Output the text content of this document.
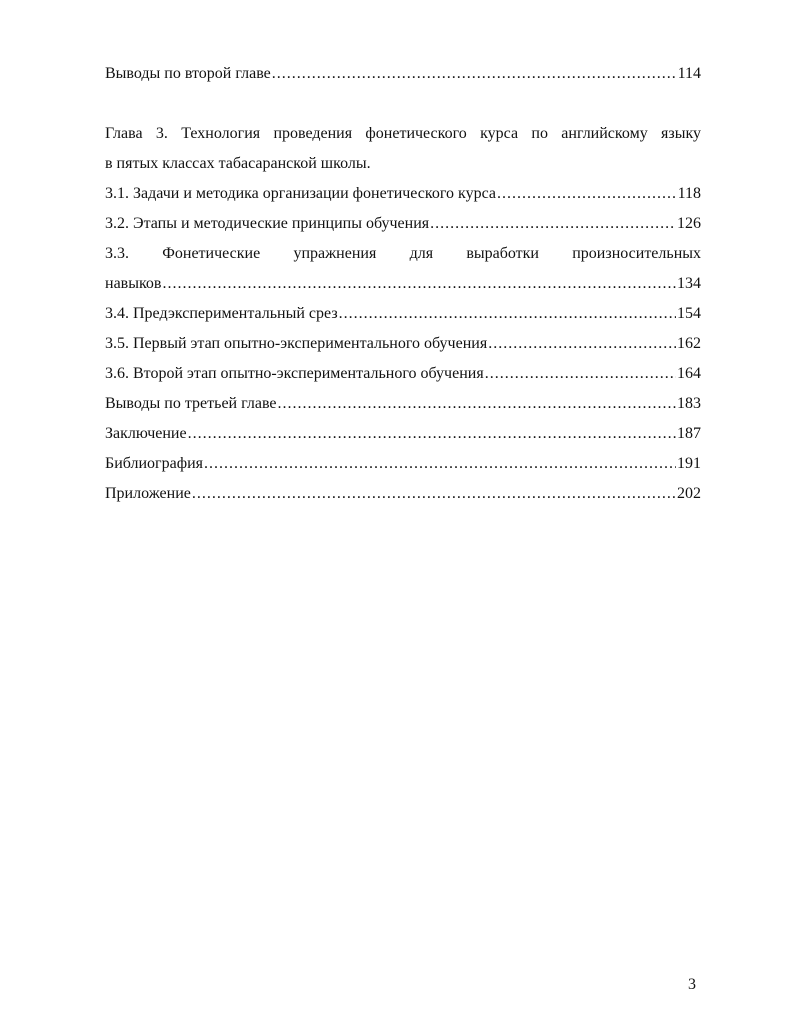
Выводы по второй главе .....	114
Глава 3. Технология проведения фонетического курса по английскому языку
в пятых классах табасаранской школы.
3.1. Задачи и методика организации фонетического курса .....	118
3.2. Этапы и методические принципы обучения .....	126
3.3. Фонетические упражнения для выработки произносительных
навыков .....	134
3.4. Предэкспериментальный срез .....	154
3.5. Первый этап опытно-экспериментального обучения .....	162
3.6. Второй этап опытно-экспериментального обучения .....	164
Выводы по третьей главе .....	183
Заключение .....	187
Библиография .....	191
Приложение .....	202
3
